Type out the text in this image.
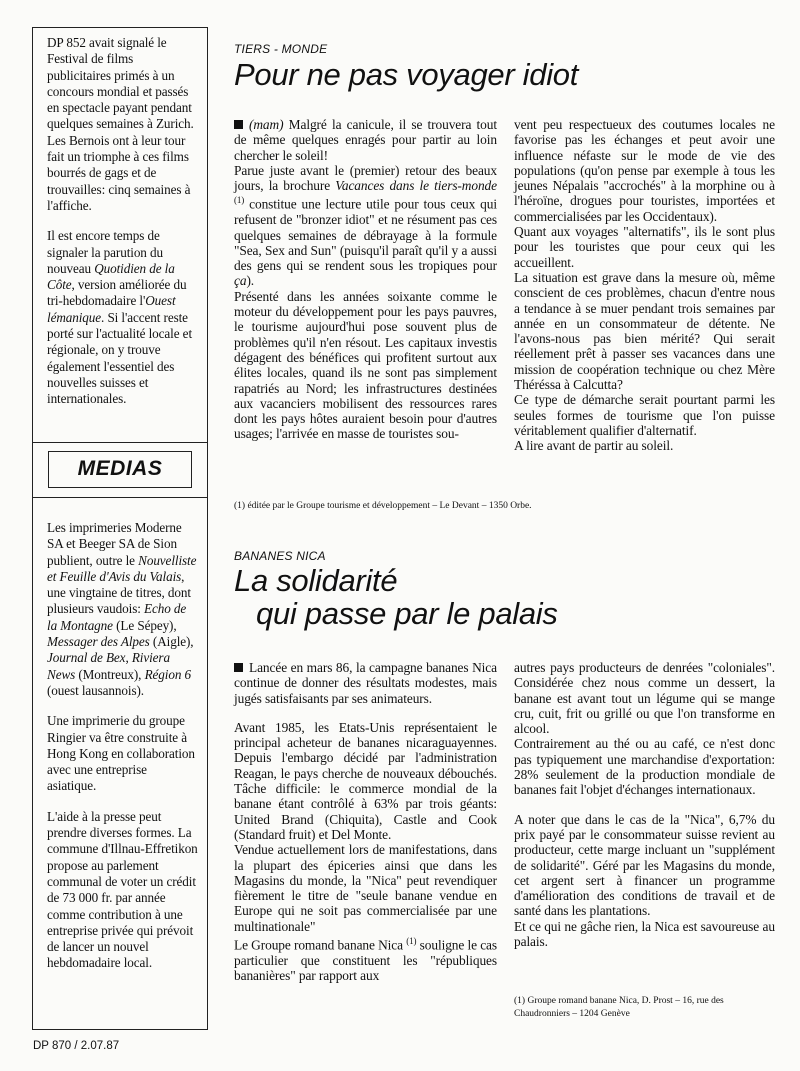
DP 852 avait signalé le Festival de films publicitaires primés à un concours mondial et passés en spectacle payant pendant quelques semaines à Zurich. Les Bernois ont à leur tour fait un triomphe à ces films bourrés de gags et de trouvailles: cinq semaines à l'affiche.

Il est encore temps de signaler la parution du nouveau Quotidien de la Côte, version améliorée du tri-hebdomadaire l'Ouest lémanique. Si l'accent reste porté sur l'actualité locale et régionale, on y trouve également l'essentiel des nouvelles suisses et internationales.

MEDIAS

Les imprimeries Moderne SA et Beeger SA de Sion publient, outre le Nouvelliste et Feuille d'Avis du Valais, une vingtaine de titres, dont plusieurs vaudois: Echo de la Montagne (Le Sépey), Messager des Alpes (Aigle), Journal de Bex, Riviera News (Montreux), Région 6 (ouest lausannois).

Une imprimerie du groupe Ringier va être construite à Hong Kong en collaboration avec une entreprise asiatique.

L'aide à la presse peut prendre diverses formes. La commune d'Illnau-Effretikon propose au parlement communal de voter un crédit de 73 000 fr. par année comme contribution à une entreprise privée qui prévoit de lancer un nouvel hebdomadaire local.

TIERS - MONDE
Pour ne pas voyager idiot

(mam) Malgré la canicule, il se trouvera tout de même quelques enragés pour partir au loin chercher le soleil!

Parue juste avant le (premier) retour des beaux jours, la brochure Vacances dans le tiers-monde $^{(1)}$ constitue une lecture utile pour tous ceux qui refusent de "bronzer idiot" et ne résument pas ces quelques semaines de débrayage à la formule "Sea, Sex and Sun" (puisqu'il paraît qu'il y a aussi des gens qui se rendent sous les tropiques pour ça).

Présenté dans les années soixante comme le moteur du développement pour les pays pauvres, le tourisme aujourd'hui pose souvent plus de problèmes qu'il n'en résout. Les capitaux investis dégagent des bénéfices qui profitent surtout aux élites locales, quand ils ne sont pas simplement rapatriés au Nord; les infrastructures destinées aux vacanciers mobilisent des ressources rares dont les pays hôtes auraient besoin pour d'autres usages; l'arrivée en masse de touristes sou-

vent peu respectueux des coutumes locales ne favorise pas les échanges et peut avoir une influence néfaste sur le mode de vie des populations (qu'on pense par exemple à tous les jeunes Népalais "accrochés" à la morphine ou à l'héroïne, drogues pour touristes, importées et commercialisées par les Occidentaux).

Quant aux voyages "alternatifs", ils le sont plus pour les touristes que pour ceux qui les accueillent.

La situation est grave dans la mesure où, même conscient de ces problèmes, chacun d'entre nous a tendance à se muer pendant trois semaines par année en un consommateur de détente. Ne l'avons-nous pas bien mérité? Qui serait réellement prêt à passer ses vacances dans une mission de coopération technique ou chez Mère Théréssa à Calcutta?

Ce type de démarche serait pourtant parmi les seules formes de tourisme que l'on puisse véritablement qualifier d'alternatif.

A lire avant de partir au soleil.

(1) éditée par le Groupe tourisme et développement – Le Devant – 1350 Orbe.
BANANES NICA
La solidarité
qui passe par le palais

Lancée en mars 86, la campagne bananes Nica continue de donner des résultats modestes, mais jugés satisfaisants par ses animateurs.

Avant 1985, les Etats-Unis représentaient le principal acheteur de bananes nicaraguayennes. Depuis l'embargo décidé par l'administration Reagan, le pays cherche de nouveaux débouchés. Tâche difficile: le commerce mondial de la banane étant contrôlé à 63% par trois géants: United Brand (Chiquita), Castle and Cook (Standard fruit) et Del Monte.

Vendue actuellement lors de manifestations, dans la plupart des épiceries ainsi que dans les Magasins du monde, la "Nica" peut revendiquer fièrement le titre de "seule banane vendue en Europe qui ne soit pas commercialisée par une multinationale"

Le Groupe romand banane Nica $^{(1)}$ souligne le cas particulier que constituent les "républiques bananières" par rapport aux

autres pays producteurs de denrées "coloniales". Considérée chez nous comme un dessert, la banane est avant tout un légume qui se mange cru, cuit, frit ou grillé ou que l'on transforme en alcool.

Contrairement au thé ou au café, ce n'est donc pas typiquement une marchandise d'exportation: 28% seulement de la production mondiale de bananes fait l'objet d'échanges internationaux.

A noter que dans le cas de la "Nica", 6,7% du prix payé par le consommateur suisse revient au producteur, cette marge incluant un "supplément de solidarité". Géré par les Magasins du monde, cet argent sert à financer un programme d'amélioration des conditions de travail et de santé dans les plantations.

Et ce qui ne gâche rien, la Nica est savoureuse au palais.

(1) Groupe romand banane Nica, D. Prost – 16, rue des Chaudronniers – 1204 Genève
DP 870 / 2.07.87
